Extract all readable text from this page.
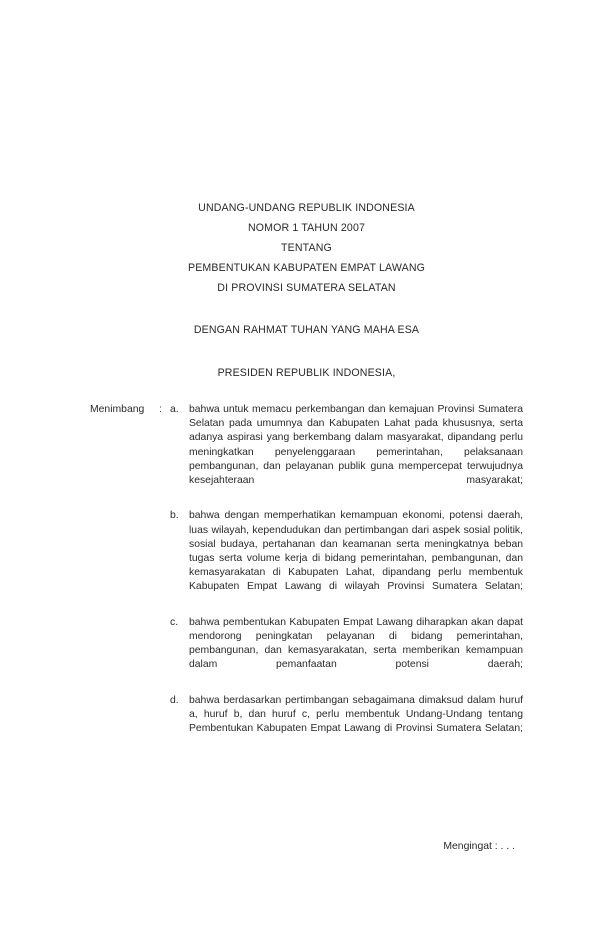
UNDANG-UNDANG REPUBLIK INDONESIA
NOMOR 1 TAHUN 2007
TENTANG
PEMBENTUKAN KABUPATEN EMPAT LAWANG
DI PROVINSI SUMATERA SELATAN
DENGAN RAHMAT TUHAN YANG MAHA ESA
PRESIDEN REPUBLIK INDONESIA,
Menimbang	: a. bahwa untuk memacu perkembangan dan kemajuan Provinsi Sumatera Selatan pada umumnya dan Kabupaten Lahat pada khususnya, serta adanya aspirasi yang berkembang dalam masyarakat, dipandang perlu meningkatkan penyelenggaraan pemerintahan, pelaksanaan pembangunan, dan pelayanan publik guna mempercepat terwujudnya kesejahteraan masyarakat;
b. bahwa dengan memperhatikan kemampuan ekonomi, potensi daerah, luas wilayah, kependudukan dan pertimbangan dari aspek sosial politik, sosial budaya, pertahanan dan keamanan serta meningkatnya beban tugas serta volume kerja di bidang pemerintahan, pembangunan, dan kemasyarakatan di Kabupaten Lahat, dipandang perlu membentuk Kabupaten Empat Lawang di wilayah Provinsi Sumatera Selatan;
c.	bahwa pembentukan Kabupaten Empat Lawang diharapkan akan dapat mendorong peningkatan pelayanan di bidang pemerintahan, pembangunan, dan kemasyarakatan, serta memberikan kemampuan dalam pemanfaatan potensi daerah;
d. bahwa berdasarkan pertimbangan sebagaimana dimaksud dalam huruf a, huruf b, dan huruf c, perlu membentuk Undang-Undang tentang Pembentukan Kabupaten Empat Lawang di Provinsi Sumatera Selatan;
Mengingat : . . .
